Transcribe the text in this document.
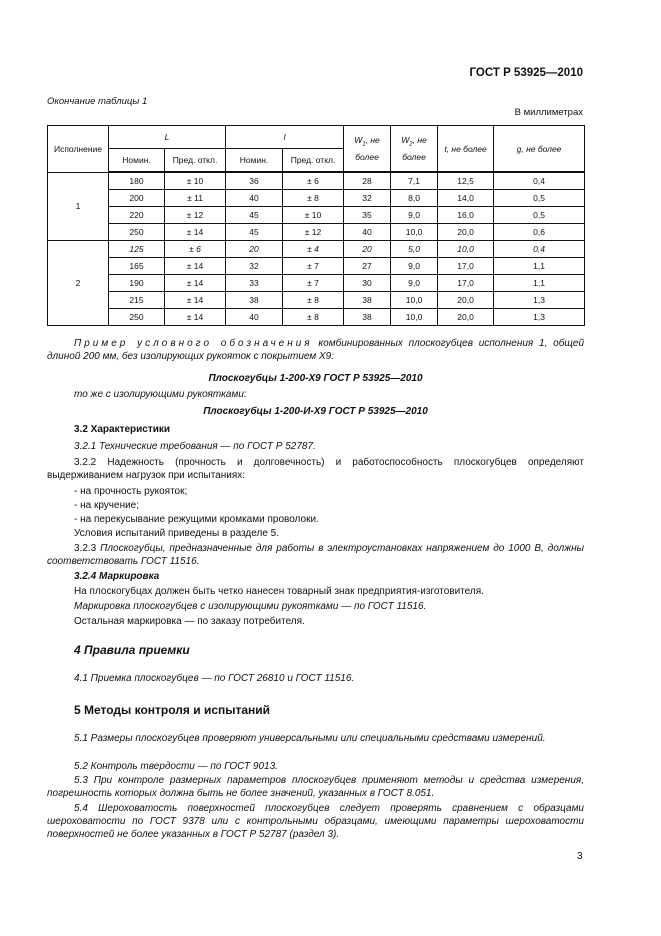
ГОСТ Р 53925—2010
Окончание таблицы 1
В миллиметрах
Исполнение	L		l		$W_1$, не более	$W_2$, не более	t, не более	g, не более
	Номин.	Пред. откл.	Номин.	Пред. откл.				
1	180	± 10	36	± 6	28	7,1	12,5	0,4
	200	± 11	40	± 8	32	8,0	14,0	0,5
	220	± 12	45	± 10	35	9,0	16,0	0,5
	250	± 14	45	± 12	40	10,0	20,0	0,6
2	125	± 6	20	± 4	20	5,0	10,0	0,4
	165	± 14	32	± 7	27	9,0	17,0	1,1
	190	± 14	33	± 7	30	9,0	17,0	1,1
	215	± 14	38	± 8	38	10,0	20,0	1,3
	250	± 14	40	± 8	38	10,0	20,0	1,3
Пример условного обозначения комбинированных плоскогубцев исполнения 1, общей длиной 200 мм, без изолирующих рукояток с покрытием Х9:
Плоскогубцы 1-200-Х9 ГОСТ Р 53925—2010
то же с изолирующими рукоятками:
Плоскогубцы 1-200-И-Х9 ГОСТ Р 53925—2010
3.2 Характеристики
3.2.1 Технические требования — по ГОСТ Р 52787.
3.2.2 Надежность (прочность и долговечность) и работоспособность плоскогубцев определяют выдерживанием нагрузок при испытаниях:
- на прочность рукояток;
- на кручение;
- на перекусывание режущими кромками проволоки.
Условия испытаний приведены в разделе 5.
3.2.3 Плоскогубцы, предназначенные для работы в электроустановках напряжением до 1000 В, должны соответствовать ГОСТ 11516.
3.2.4 Маркировка
На плоскогубцах должен быть четко нанесен товарный знак предприятия-изготовителя.
Маркировка плоскогубцев с изолирующими рукоятками — по ГОСТ 11516.
Остальная маркировка — по заказу потребителя.
4 Правила приемки
4.1 Приемка плоскогубцев — по ГОСТ 26810 и ГОСТ 11516.
5 Методы контроля и испытаний
5.1 Размеры плоскогубцев проверяют универсальными или специальными средствами измерений.
5.2 Контроль твердости — по ГОСТ 9013.
5.3 При контроле размерных параметров плоскогубцев применяют методы и средства измерения, погрешность которых должна быть не более значений, указанных в ГОСТ 8.051.
5.4 Шероховатость поверхностей плоскогубцев следует проверять сравнением с образцами шероховатости по ГОСТ 9378 или с контрольными образцами, имеющими параметры шероховатости поверхностей не более указанных в ГОСТ Р 52787 (раздел 3).
3
